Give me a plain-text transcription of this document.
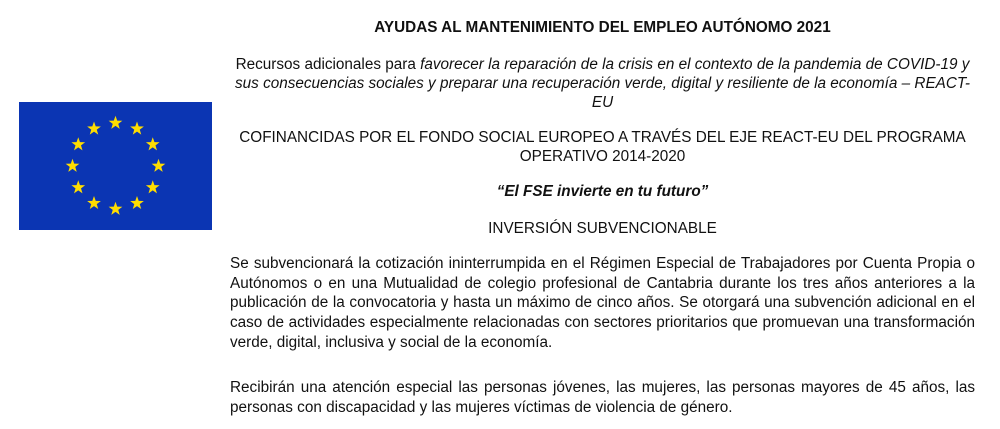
AYUDAS AL MANTENIMIENTO DEL EMPLEO AUTÓNOMO 2021
Recursos adicionales para favorecer la reparación de la crisis en el contexto de la pandemia de COVID-19 y sus consecuencias sociales y preparar una recuperación verde, digital y resiliente de la economía – REACT-EU
COFINANCIDAS POR EL FONDO SOCIAL EUROPEO A TRAVÉS DEL EJE REACT-EU DEL PROGRAMA OPERATIVO 2014-2020
“El FSE invierte en tu futuro”
INVERSIÓN SUBVENCIONABLE

Se subvencionará la cotización ininterrumpida en el Régimen Especial de Trabajadores por Cuenta Propia o Autónomos o en una Mutualidad de colegio profesional de Cantabria durante los tres años anteriores a la publicación de la convocatoria y hasta un máximo de cinco años. Se otorgará una subvención adicional en el caso de actividades especialmente relacionadas con sectores prioritarios que promuevan una transformación verde, digital, inclusiva y social de la economía.

Recibirán una atención especial las personas jóvenes, las mujeres, las personas mayores de 45 años, las personas con discapacidad y las mujeres víctimas de violencia de género.
